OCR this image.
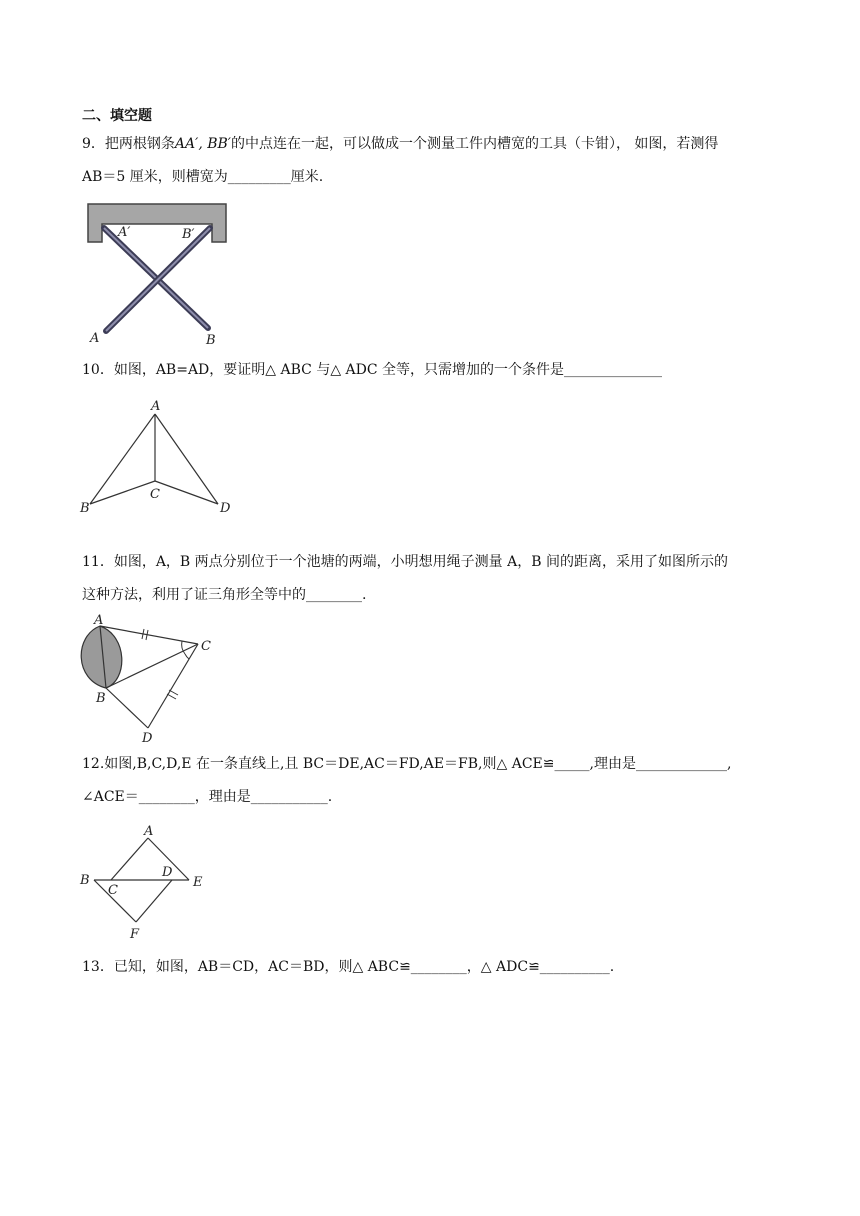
二、填空题
9．把两根钢条AA′, BB′的中点连在一起，可以做成一个测量工件内槽宽的工具（卡钳）， 如图，若测得
AB＝5 厘米，则槽宽为_________厘米.
A′	B′
A	B
10．如图，AB=AD，要证明△ ABC 与△ ADC 全等，只需增加的一个条件是______________
A
B
C
D
11．如图，A，B 两点分别位于一个池塘的两端，小明想用绳子测量 A，B 间的距离，采用了如图所示的
这种方法，利用了证三角形全等中的________.
A
C
B
D
12.如图,B,C,D,E 在一条直线上,且 BC＝DE,AC＝FD,AE＝FB,则△ ACE≌_____,理由是_____________,
∠ACE＝________，理由是___________.
A
B
C
D
E
F
13．已知，如图，AB＝CD，AC＝BD，则△ ABC≌________，△ ADC≌__________.
